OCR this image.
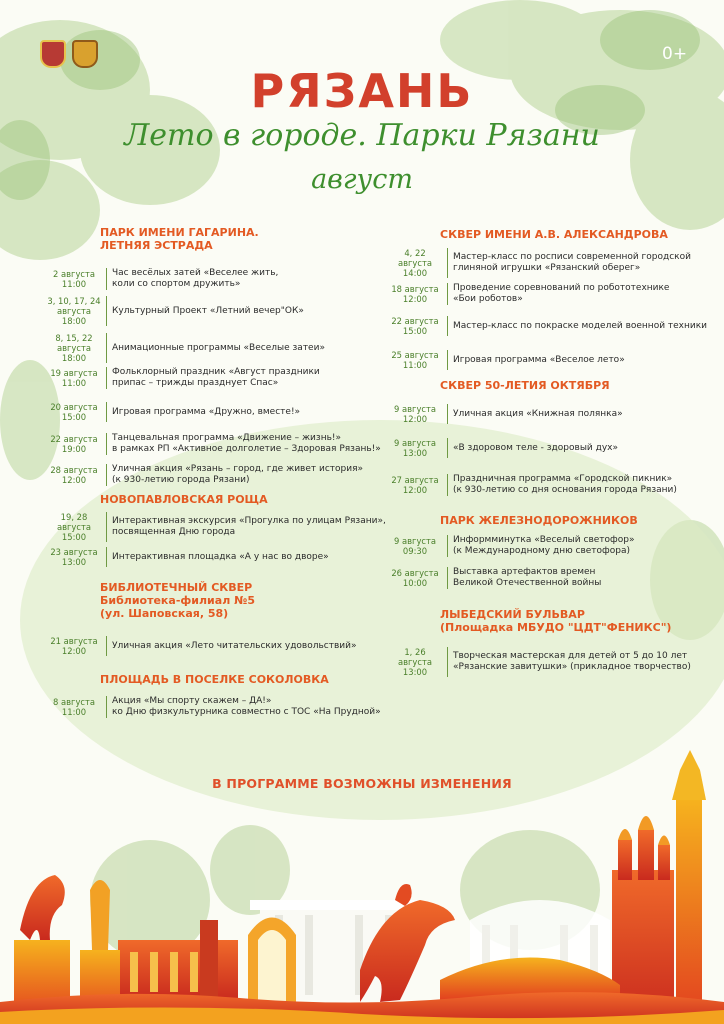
0+
РЯЗАНЬ
Лето в городе. Парки Рязани
август
ПАРК ИМЕНИ ГАГАРИНА.
ЛЕТНЯЯ ЭСТРАДА
2 августа
11:00
Час весёлых затей «Веселее жить,
коли со спортом дружить»
3, 10, 17, 24
августа
18:00
Культурный Проект «Летний вечер"ОК»
8, 15, 22
августа
18:00
Анимационные программы «Веселые затеи»
19 августа
11:00
Фольклорный праздник «Август праздники
припас – трижды празднует Спас»
20 августа
15:00
Игровая программа «Дружно, вместе!»
22 августа
19:00
Танцевальная программа «Движение – жизнь!»
в рамках РП «Активное долголетие – Здоровая Рязань!»
28 августа
12:00
Уличная акция «Рязань – город, где живет история»
(к 930-летию города Рязани)
НОВОПАВЛОВСКАЯ РОЩА
19, 28
августа
15:00
Интерактивная экскурсия «Прогулка по улицам Рязани»,
посвященная Дню города
23 августа
13:00
Интерактивная площадка «А у нас во дворе»
БИБЛИОТЕЧНЫЙ СКВЕР
Библиотека-филиал №5
(ул. Шаповская, 58)
21 августа
12:00
Уличная акция «Лето читательских удовольствий»
ПЛОЩАДЬ В ПОСЕЛКЕ СОКОЛОВКА
8 августа
11:00
Акция «Мы спорту скажем – ДА!»
ко Дню физкультурника совместно с ТОС «На Прудной»
СКВЕР ИМЕНИ А.В. АЛЕКСАНДРОВА
4, 22
августа
14:00
Мастер-класс по росписи современной городской
глиняной игрушки «Рязанский оберег»
18 августа
12:00
Проведение соревнований по робототехнике
«Бои роботов»
22 августа
15:00
Мастер-класс по покраске моделей военной техники
25 августа
11:00
Игровая программа «Веселое лето»
СКВЕР 50-ЛЕТИЯ ОКТЯБРЯ
9 августа
12:00
Уличная акция «Книжная полянка»
9 августа
13:00
«В здоровом теле - здоровый дух»
27 августа
12:00
Праздничная программа «Городской пикник»
(к 930-летию со дня основания города Рязани)
ПАРК ЖЕЛЕЗНОДОРОЖНИКОВ
9 августа
09:30
Информминутка «Веселый светофор»
(к Международному дню светофора)
26 августа
10:00
Выставка артефактов времен
Великой Отечественной войны
ЛЫБЕДСКИЙ БУЛЬВАР
(Площадка МБУДО "ЦДТ"ФЕНИКС")
1, 26
августа
13:00
Творческая мастерская для детей от 5 до 10 лет
«Рязанские завитушки» (прикладное творчество)
В ПРОГРАММЕ ВОЗМОЖНЫ ИЗМЕНЕНИЯ
